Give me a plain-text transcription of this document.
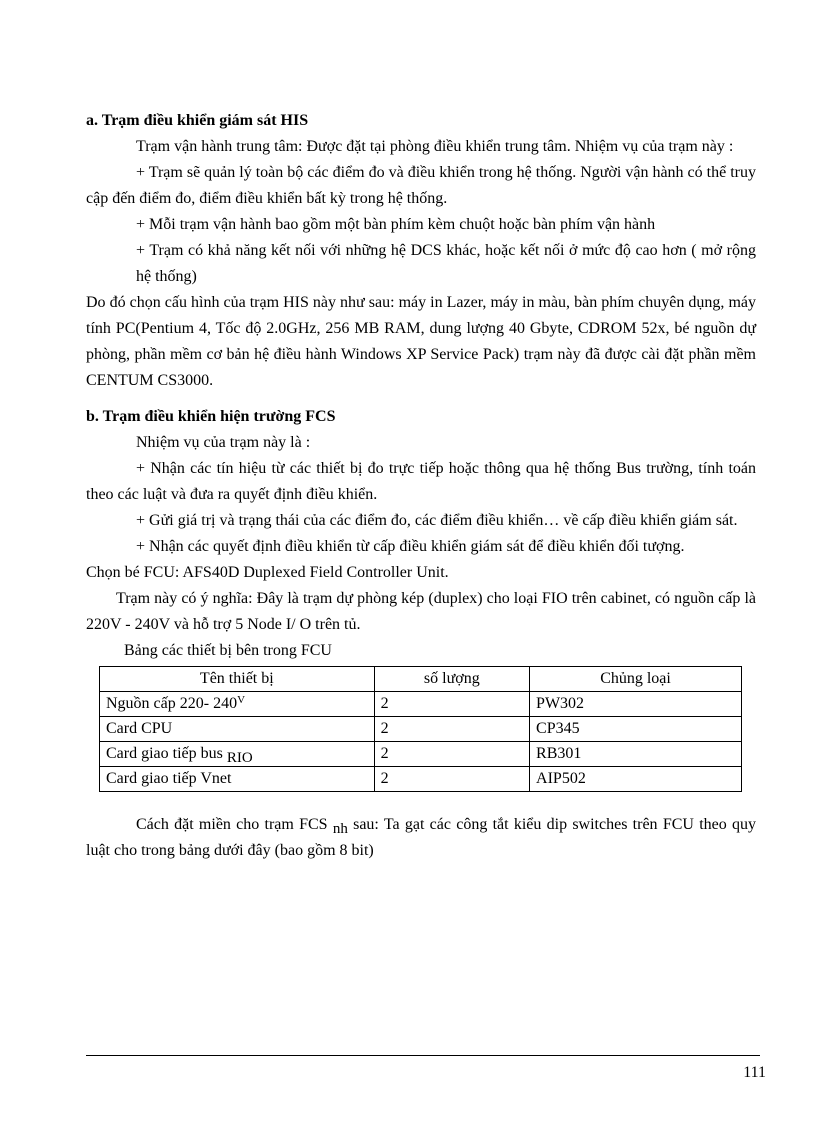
a. Trạm điều khiển giám sát HIS

Trạm vận hành trung tâm: Được đặt tại phòng điều khiển trung tâm. Nhiệm vụ của trạm này :

+ Trạm sẽ quản lý toàn bộ các điểm đo và điều khiển trong hệ thống. Người vận hành có thể truy cập đến điểm đo, điểm điều khiển bất kỳ trong hệ thống.

+ Mỗi trạm vận hành bao gồm một bàn phím kèm chuột hoặc bàn phím vận hành

+ Trạm có khả năng kết nối với những hệ DCS khác, hoặc kết nối ở mức độ cao hơn ( mở rộng hệ thống)

Do đó chọn cấu hình của trạm HIS này như sau: máy in Lazer, máy in màu, bàn phím chuyên dụng, máy tính PC(Pentium 4, Tốc độ 2.0GHz, 256 MB RAM, dung lượng 40 Gbyte, CDROM 52x, bé nguồn dự phòng, phần mềm cơ bản hệ điều hành Windows XP Service Pack) trạm này đã được cài đặt phần mềm CENTUM CS3000.

b. Trạm điều khiển hiện trường FCS

Nhiệm vụ của trạm này là :

+ Nhận các tín hiệu từ các thiết bị đo trực tiếp hoặc thông qua hệ thống Bus trường, tính toán theo các luật và đưa ra quyết định điều khiển.

+ Gửi giá trị và trạng thái của các điểm đo, các điểm điều khiển… về cấp điều khiển giám sát.

+ Nhận các quyết định điều khiển từ cấp điều khiển giám sát để điều khiển đối tượng.

Chọn bé FCU: AFS40D Duplexed Field Controller Unit.

Trạm này có ý nghĩa: Đây là trạm dự phòng kép (duplex) cho loại FIO trên cabinet, có nguồn cấp là 220V - 240V và hỗ trợ 5 Node I/ O trên tủ.

Bảng các thiết bị bên trong FCU

Tên thiết bị	số lượng	Chủng loại
Nguồn cấp 220- $240^V$	2	PW302
Card CPU	2	CP345
Card giao tiếp bus $_{RIO}$	2	RB301
Card giao tiếp Vnet	2	AIP502

Cách đặt miền cho trạm FCS $_{nh}$ sau: Ta gạt các công tắt kiểu dip switches trên FCU theo quy luật cho trong bảng dưới đây (bao gồm 8 bit)

111
